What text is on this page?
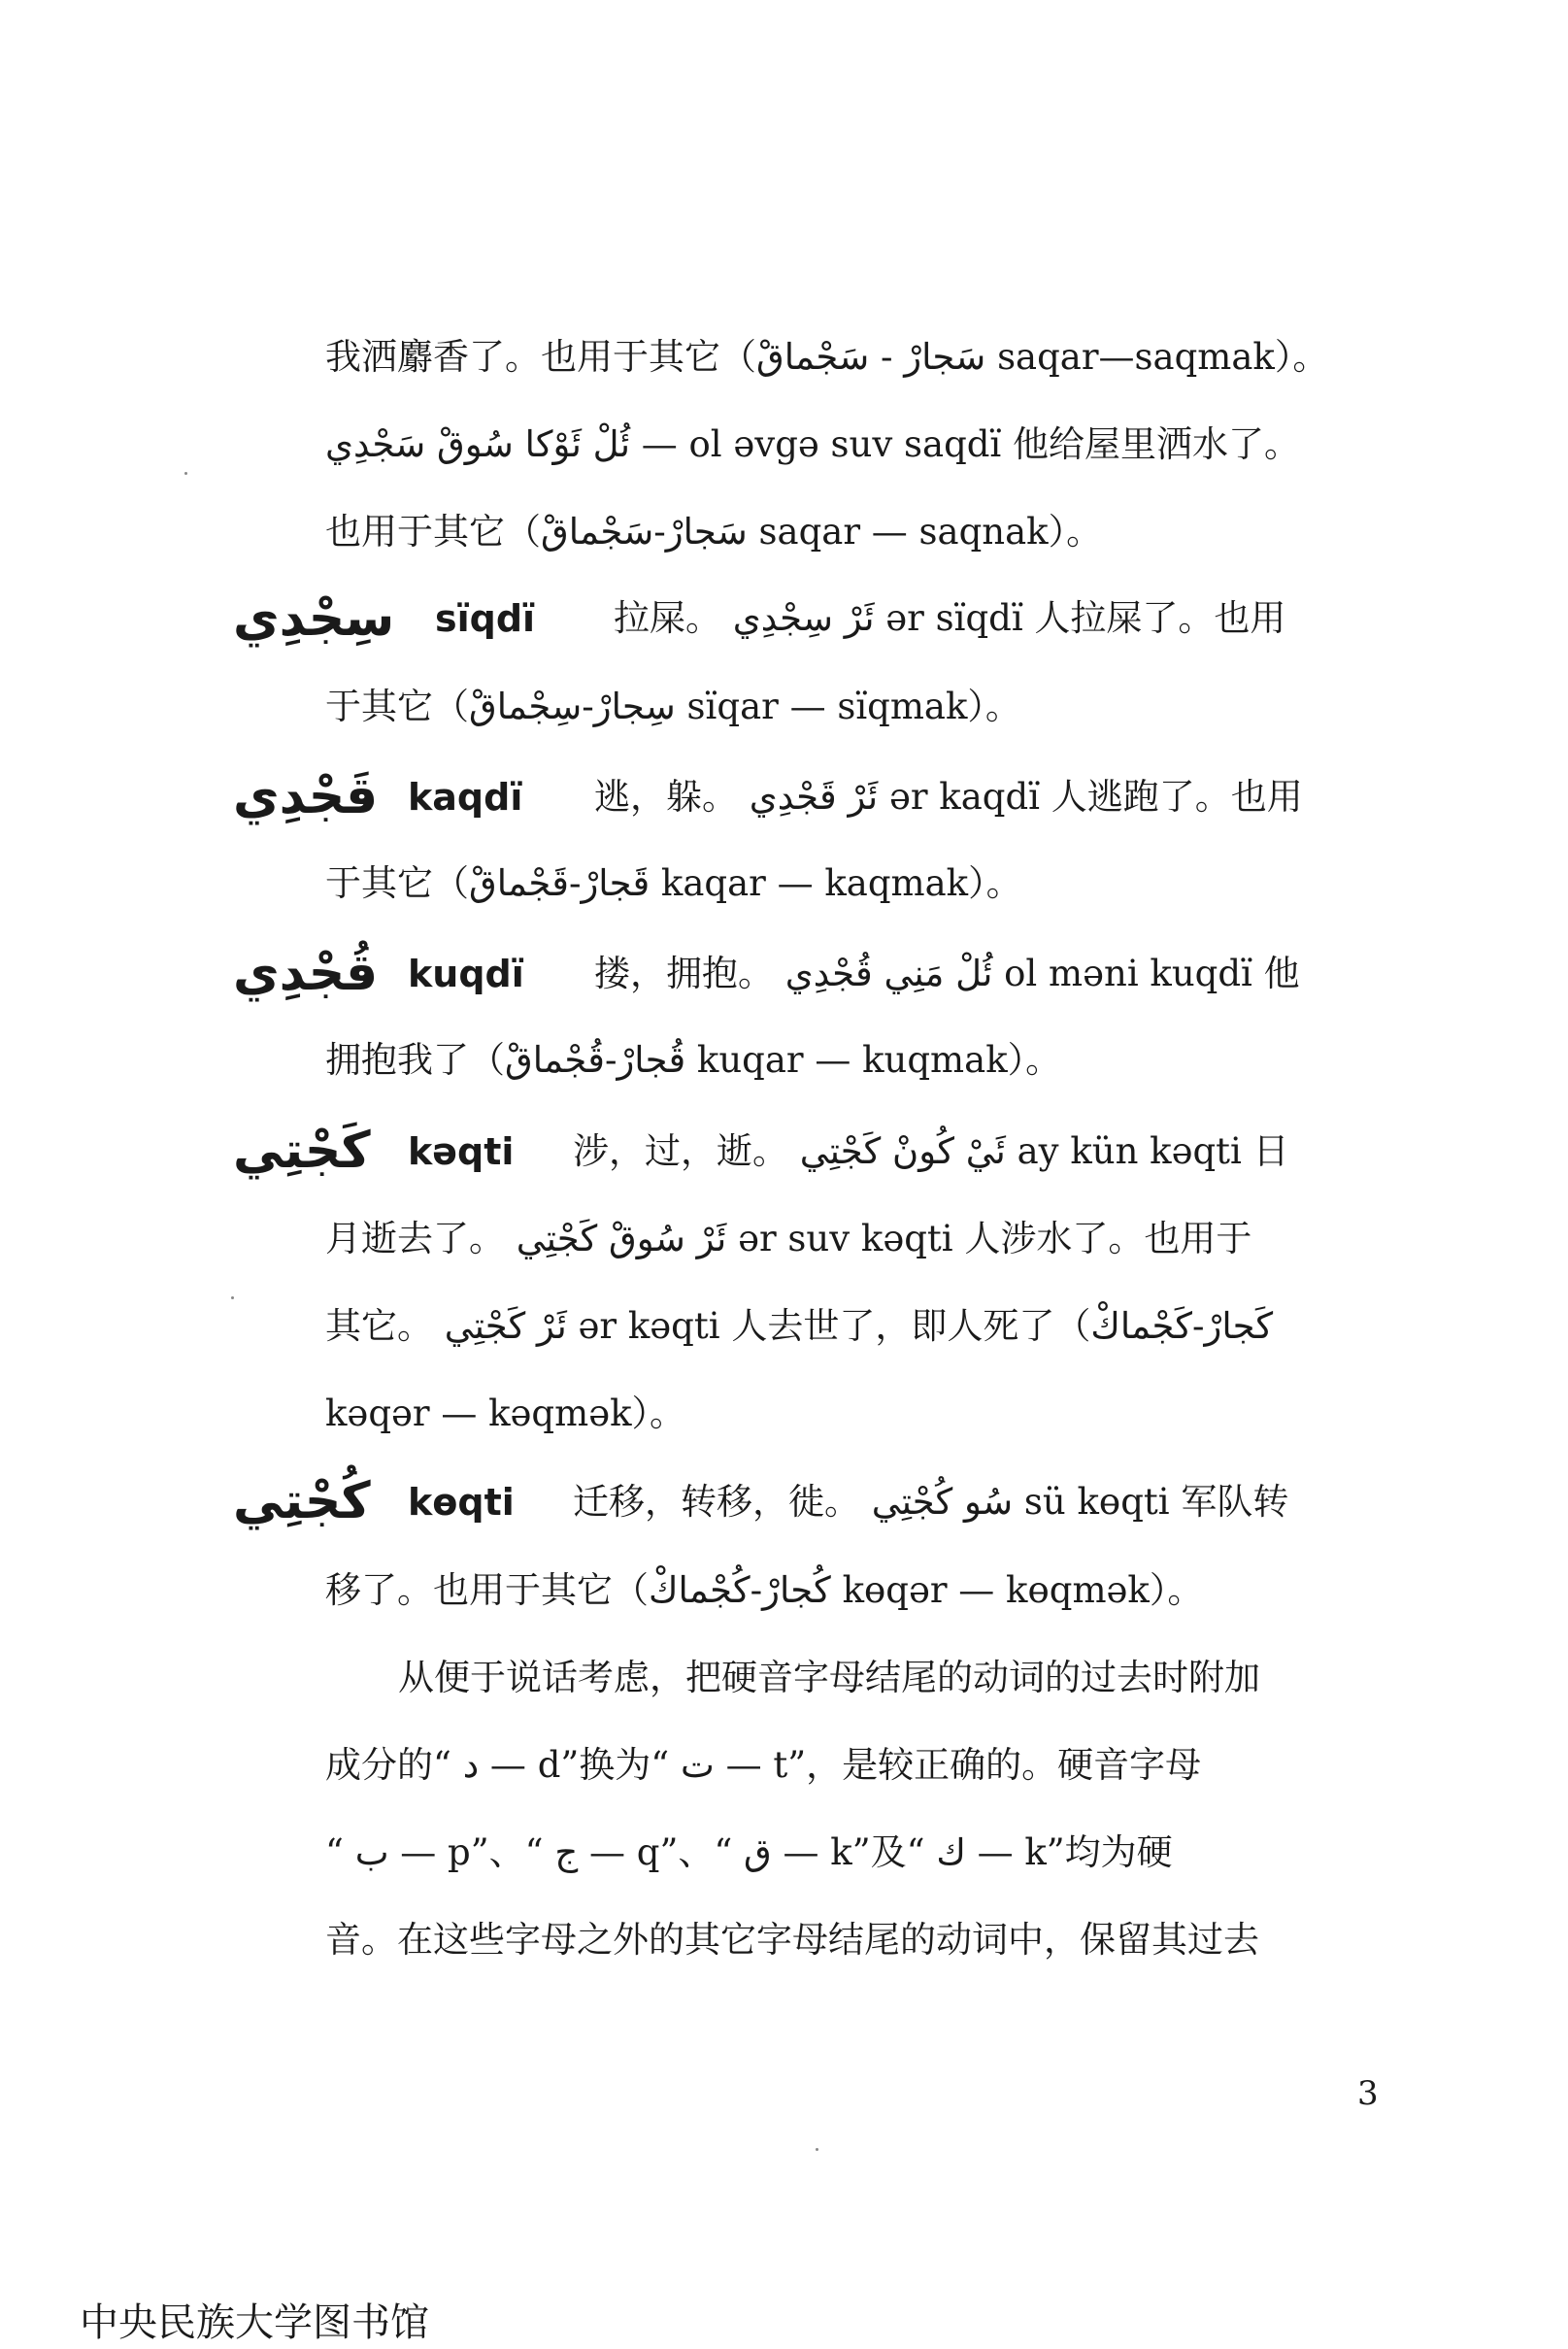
我洒麝香了。也用于其它（سَجارْ - سَجْماقْ saqar—saqmak）。
ئُلْ ئَوْكا سُوقْ سَجْدِي — ol əvgə suv saqdï 他给屋里洒水了。
也用于其它（سَجارْ-سَجْماقْ saqar — saqnak）。
سِجْدِي sïqdï 拉屎。 ئَرْ سِجْدِي ər sïqdï 人拉屎了。也用
于其它（سِجارْ-سِجْماقْ sïqar — sïqmak）。
قَجْدِي kaqdï 逃，躲。 ئَرْ قَجْدِي ər kaqdï 人逃跑了。也用
于其它（قَجارْ-قَجْماقْ kaqar — kaqmak）。
قُجْدِي kuqdï 搂，拥抱。 ئُلْ مَنِي قُجْدِي ol məni kuqdï 他
拥抱我了（قُجارْ-قُجْماقْ kuqar — kuqmak）。
كَجْتِي kəqti 涉，过，逝。 ئَيْ كُونْ كَجْتِي ay kün kəqti 日
月逝去了。 ئَرْ سُوقْ كَجْتِي ər suv kəqti 人涉水了。也用于
其它。 ئَرْ كَجْتِي ər kəqti 人去世了，即人死了（كَجارْ-كَجْماكْ
kəqər — kəqmək）。
كُجْتِي kɵqti 迁移，转移，徙。 سُو كُجْتِي sü kɵqti 军队转
移了。也用于其它（كُجارْ-كُجْماكْ kɵqər — kɵqmək）。
从便于说话考虑，把硬音字母结尾的动词的过去时附加
成分的“ د — d”换为“ ت — t”，是较正确的。硬音字母
“ ب — p”、“ ج — q”、“ ق — k”及“ ك — k”均为硬
音。在这些字母之外的其它字母结尾的动词中，保留其过去
3
中央民族大学图书馆
